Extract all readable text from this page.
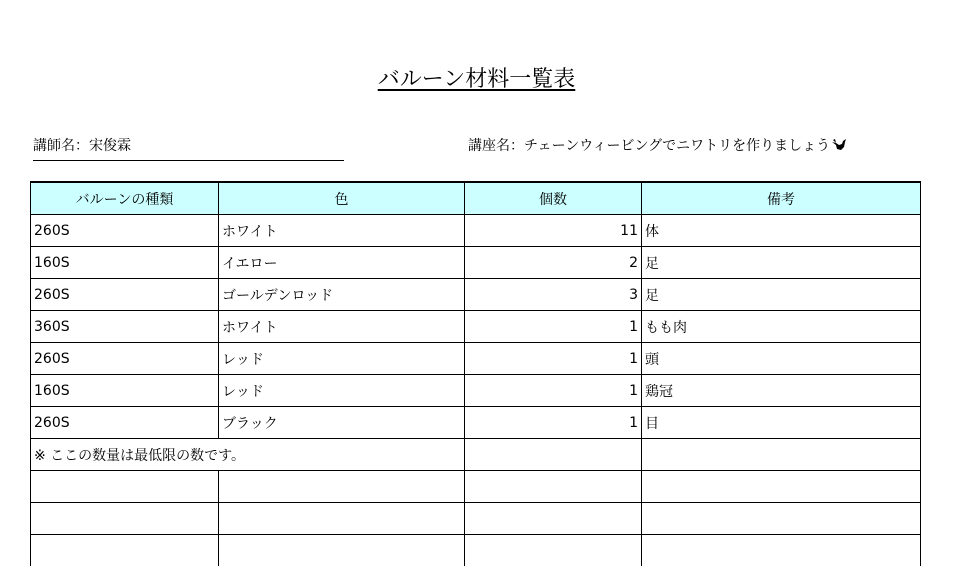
バルーン材料一覧表
講師名：宋俊霖	講座名：チェーンウィービングでニワトリを作りましょう
バルーンの種類	色	個数	備考
260S	ホワイト	11	体
160S	イエロー	2	足
260S	ゴールデンロッド	3	足
360S	ホワイト	1	もも肉
260S	レッド	1	頭
160S	レッド	1	鶏冠
260S	ブラック	1	目
※ ここの数量は最低限の数です。			
